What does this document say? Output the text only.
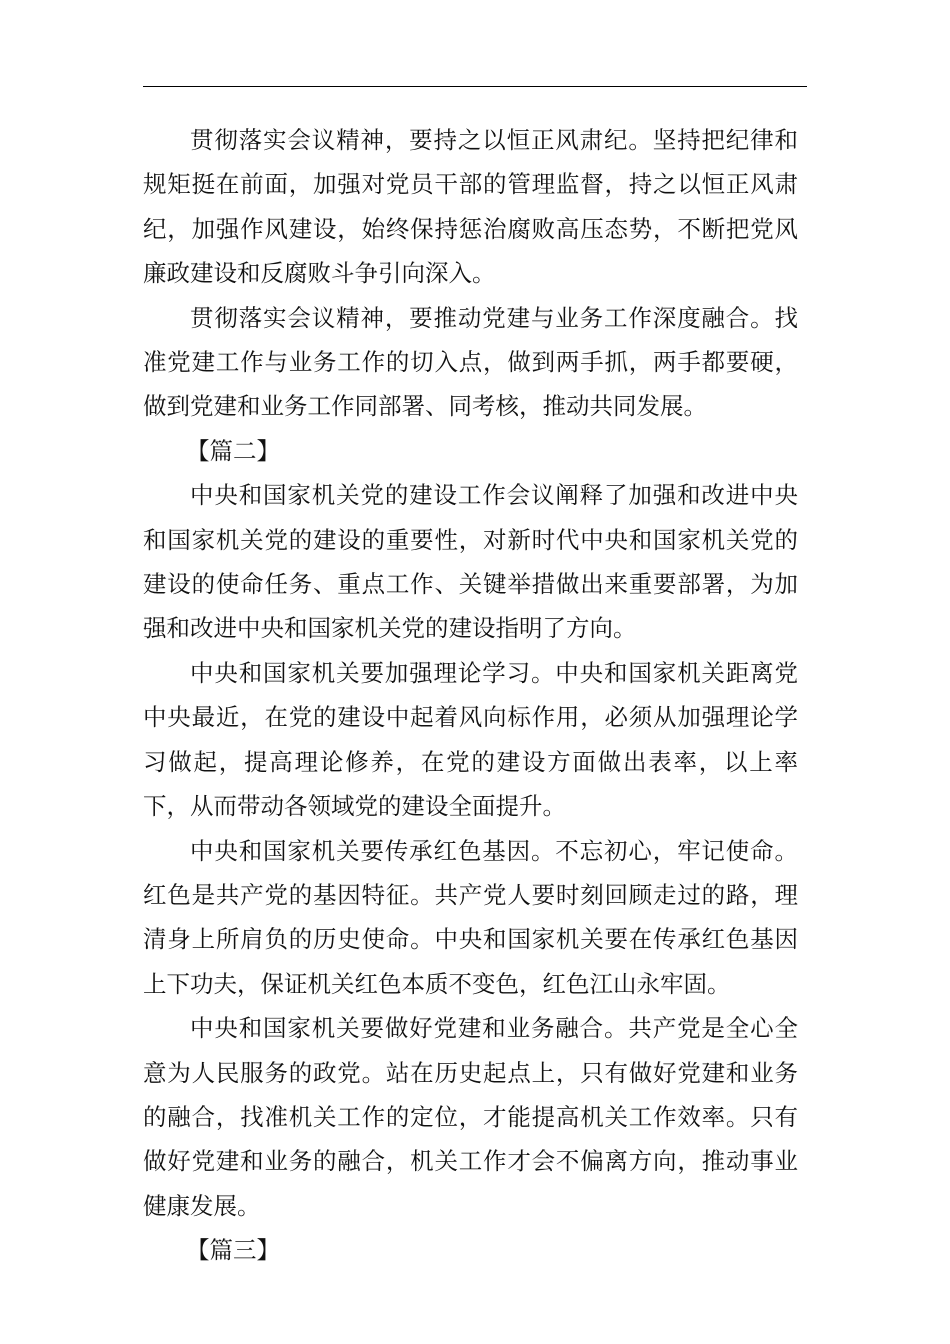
贯彻落实会议精神，要持之以恒正风肃纪。坚持把纪律和规矩挺在前面，加强对党员干部的管理监督，持之以恒正风肃纪，加强作风建设，始终保持惩治腐败高压态势，不断把党风廉政建设和反腐败斗争引向深入。

贯彻落实会议精神，要推动党建与业务工作深度融合。找准党建工作与业务工作的切入点，做到两手抓，两手都要硬，做到党建和业务工作同部署、同考核，推动共同发展。

【篇二】

中央和国家机关党的建设工作会议阐释了加强和改进中央和国家机关党的建设的重要性，对新时代中央和国家机关党的建设的使命任务、重点工作、关键举措做出来重要部署，为加强和改进中央和国家机关党的建设指明了方向。

中央和国家机关要加强理论学习。中央和国家机关距离党中央最近，在党的建设中起着风向标作用，必须从加强理论学习做起，提高理论修养，在党的建设方面做出表率，以上率下，从而带动各领域党的建设全面提升。

中央和国家机关要传承红色基因。不忘初心，牢记使命。红色是共产党的基因特征。共产党人要时刻回顾走过的路，理清身上所肩负的历史使命。中央和国家机关要在传承红色基因上下功夫，保证机关红色本质不变色，红色江山永牢固。

中央和国家机关要做好党建和业务融合。共产党是全心全意为人民服务的政党。站在历史起点上，只有做好党建和业务的融合，找准机关工作的定位，才能提高机关工作效率。只有做好党建和业务的融合，机关工作才会不偏离方向，推动事业健康发展。

【篇三】
